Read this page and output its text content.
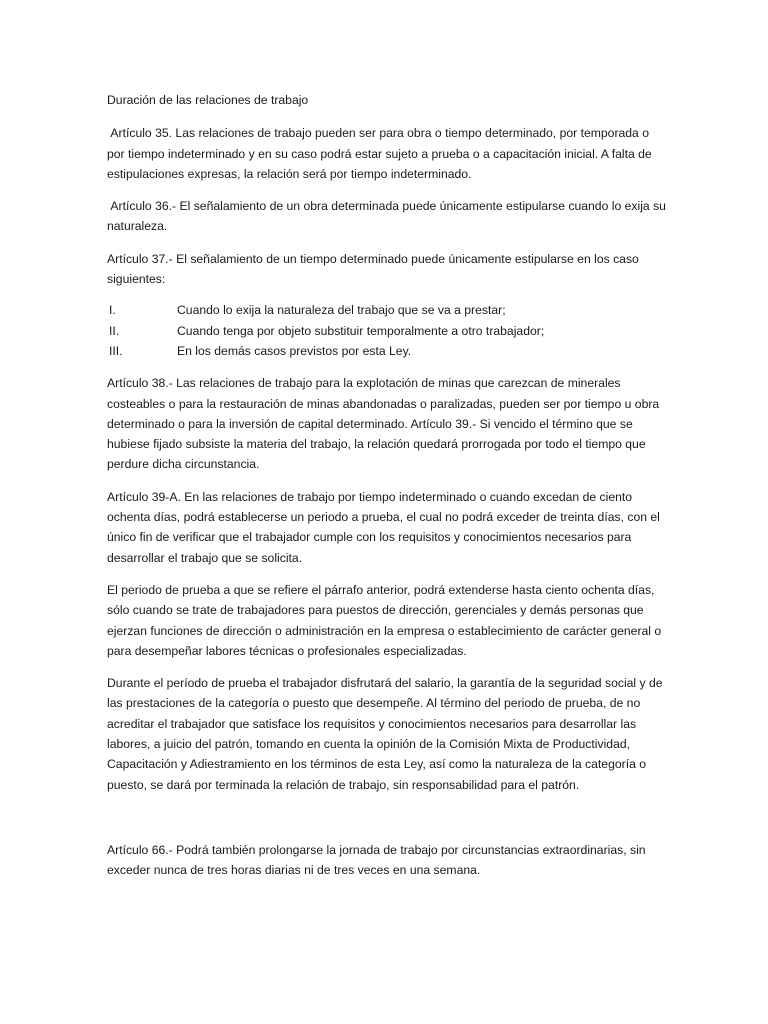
Duración de las relaciones de trabajo

Artículo 35. Las relaciones de trabajo pueden ser para obra o tiempo determinado, por temporada o por tiempo indeterminado y en su caso podrá estar sujeto a prueba o a capacitación inicial. A falta de estipulaciones expresas, la relación será por tiempo indeterminado.

Artículo 36.- El señalamiento de un obra determinada puede únicamente estipularse cuando lo exija su naturaleza.

Artículo 37.- El señalamiento de un tiempo determinado puede únicamente estipularse en los caso siguientes:

I.	Cuando lo exija la naturaleza del trabajo que se va a prestar;
II.	Cuando tenga por objeto substituir temporalmente a otro trabajador;
III.	En los demás casos previstos por esta Ley.

Artículo 38.- Las relaciones de trabajo para la explotación de minas que carezcan de minerales costeables o para la restauración de minas abandonadas o paralizadas, pueden ser por tiempo u obra determinado o para la inversión de capital determinado. Artículo 39.- Si vencido el término que se hubiese fijado subsiste la materia del trabajo, la relación quedará prorrogada por todo el tiempo que perdure dicha circunstancia.

Artículo 39-A. En las relaciones de trabajo por tiempo indeterminado o cuando excedan de ciento ochenta días, podrá establecerse un periodo a prueba, el cual no podrá exceder de treinta días, con el único fin de verificar que el trabajador cumple con los requisitos y conocimientos necesarios para desarrollar el trabajo que se solicita.

El periodo de prueba a que se refiere el párrafo anterior, podrá extenderse hasta ciento ochenta días, sólo cuando se trate de trabajadores para puestos de dirección, gerenciales y demás personas que ejerzan funciones de dirección o administración en la empresa o establecimiento de carácter general o para desempeñar labores técnicas o profesionales especializadas.

Durante el período de prueba el trabajador disfrutará del salario, la garantía de la seguridad social y de las prestaciones de la categoría o puesto que desempeñe. Al término del periodo de prueba, de no acreditar el trabajador que satisface los requisitos y conocimientos necesarios para desarrollar las labores, a juicio del patrón, tomando en cuenta la opinión de la Comisión Mixta de Productividad, Capacitación y Adiestramiento en los términos de esta Ley, así como la naturaleza de la categoría o puesto, se dará por terminada la relación de trabajo, sin responsabilidad para el patrón.

Artículo 66.- Podrá también prolongarse la jornada de trabajo por circunstancias extraordinarias, sin exceder nunca de tres horas diarias ni de tres veces en una semana.
